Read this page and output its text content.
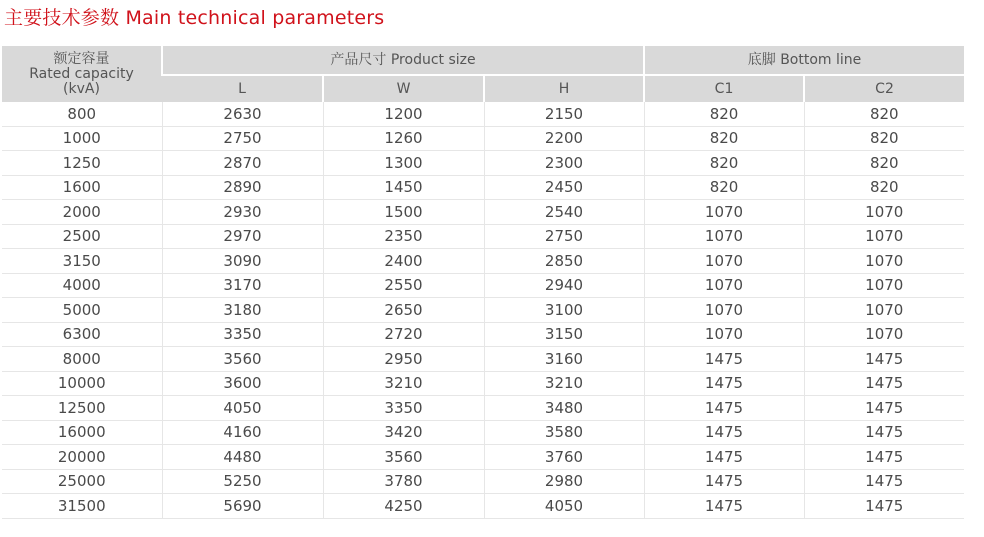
主要技术参数 Main technical parameters
额定容量
Rated capacity
(kvA)	产品尺寸 Product size			底脚 Bottom line	
	L	W	H	C1	C2
800	2630	1200	2150	820	820
1000	2750	1260	2200	820	820
1250	2870	1300	2300	820	820
1600	2890	1450	2450	820	820
2000	2930	1500	2540	1070	1070
2500	2970	2350	2750	1070	1070
3150	3090	2400	2850	1070	1070
4000	3170	2550	2940	1070	1070
5000	3180	2650	3100	1070	1070
6300	3350	2720	3150	1070	1070
8000	3560	2950	3160	1475	1475
10000	3600	3210	3210	1475	1475
12500	4050	3350	3480	1475	1475
16000	4160	3420	3580	1475	1475
20000	4480	3560	3760	1475	1475
25000	5250	3780	2980	1475	1475
31500	5690	4250	4050	1475	1475
